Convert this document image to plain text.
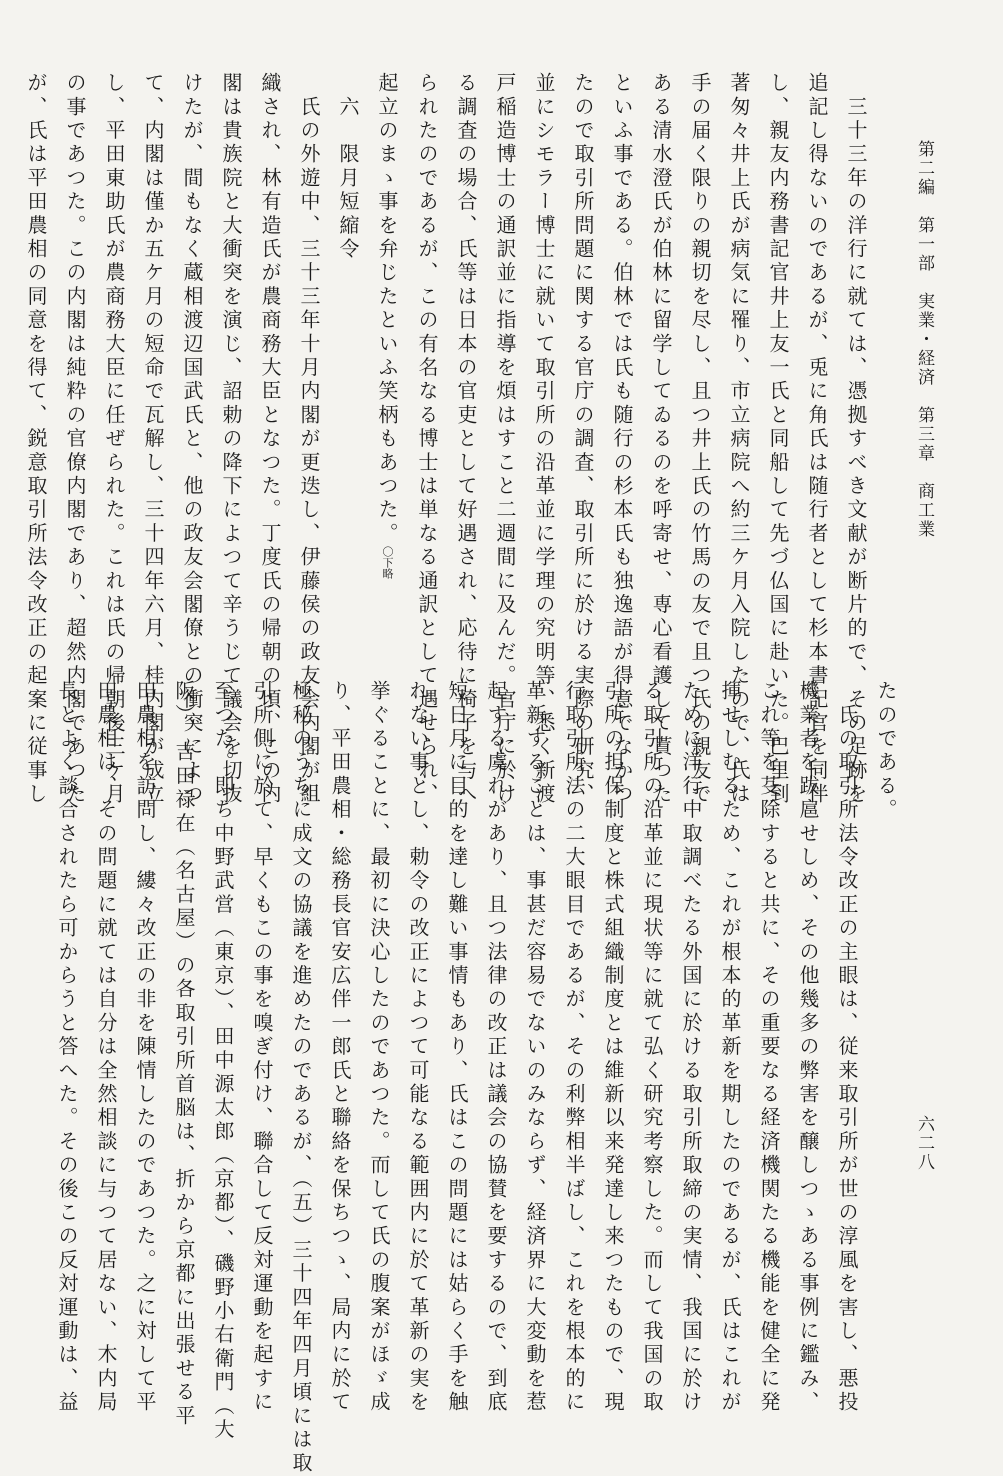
第二編　第一部　実業・経済　第三章　商工業
六二八
　三十三年の洋行に就ては、憑拠すべき文献が断片的で、その足跡を
追記し得ないのであるが、兎に角氏は随行者として杉本書記官を同伴
し、親友内務書記官井上友一氏と同船して先づ仏国に赴いた。巴里到
著匆々井上氏が病気に罹り、市立病院へ約三ケ月入院したので、氏は
手の届く限りの親切を尽し、且つ井上氏の竹馬の友で且つ氏の親友で
ある清水澄氏が伯林に留学してゐるのを呼寄せ、専心看護して貰つた
といふ事である。伯林では氏も随行の杉本氏も独逸語が得意でなかつ
たので取引所問題に関する官庁の調査、取引所に於ける実際の研究、
並にシモラー博士に就いて取引所の沿革並に学理の究明等、悉く新渡
戸稲造博士の通訳並に指導を煩はすこと二週間に及んだ。官庁に於け
る調査の場合、氏等は日本の官吏として好遇され、応待に椅子を与へ
られたのであるが、この有名なる博士は単なる通訳として遇せられ、
起立のまゝ事を弁じたといふ笑柄もあつた。〇下略
　六　限月短縮令
　氏の外遊中、三十三年十月内閣が更迭し、伊藤侯の政友会内閣が組
織され、林有造氏が農商務大臣となつた。丁度氏の帰朝の頃、この内
閣は貴族院と大衝突を演じ、詔勅の降下によつて辛うじて議会を切抜
けたが、間もなく蔵相渡辺国武氏と、他の政友会閣僚との衝突によつ
て、内閣は僅か五ケ月の短命で瓦解し、三十四年六月、桂内閣が成立
し、平田東助氏が農商務大臣に任ぜられた。これは氏の帰朝後三ケ月
の事であつた。この内閣は純粋の官僚内閣であり、超然内閣であつた
が、氏は平田農相の同意を得て、鋭意取引所法令改正の起案に従事し	たのである。
　氏の取引所法令改正の主眼は、従来取引所が世の淳風を害し、悪投
機業者を跋扈せしめ、その他幾多の弊害を醸しつゝある事例に鑑み、
これ等を芟除すると共に、その重要なる経済機関たる機能を健全に発
揮せしむるため、これが根本的革新を期したのであるが、氏はこれが
ために洋行中取調べたる外国に於ける取引所取締の実情、我国に於け
る取引所の沿革並に現状等に就て弘く研究考察した。而して我国の取
引所の担保制度と株式組織制度とは維新以来発達し来つたもので、現
行取引所法の二大眼目であるが、その利弊相半ばし、これを根本的に
革新することは、事甚だ容易でないのみならず、経済界に大変動を惹
起する虞れがあり、且つ法律の改正は議会の協賛を要するので、到底
短日月に目的を達し難い事情もあり、氏はこの問題には姑らく手を触
れない事とし、勅令の改正によつて可能なる範囲内に於て革新の実を
挙ぐることに、最初に決心したのであつた。而して氏の腹案がほゞ成
り、平田農相・総務長官安広伴一郎氏と聯絡を保ちつゝ、局内に於て
極秘のうちに成文の協議を進めたのであるが、（五）三十四年四月頃には取
引所側に於て、早くもこの事を嗅ぎ付け、聯合して反対運動を起すに
至つた。即ち中野武営（東京）、田中源太郎（京都）、磯野小右衛門（大
阪）、吉田禄在（名古屋）の各取引所首脳は、折から京都に出張せる平
田農相を訪問し、縷々改正の非を陳情したのであつた。之に対して平
田農相は、その問題に就ては自分は全然相談に与つて居ない、木内局
長とよく談合されたら可からうと答へた。その後この反対運動は、益
